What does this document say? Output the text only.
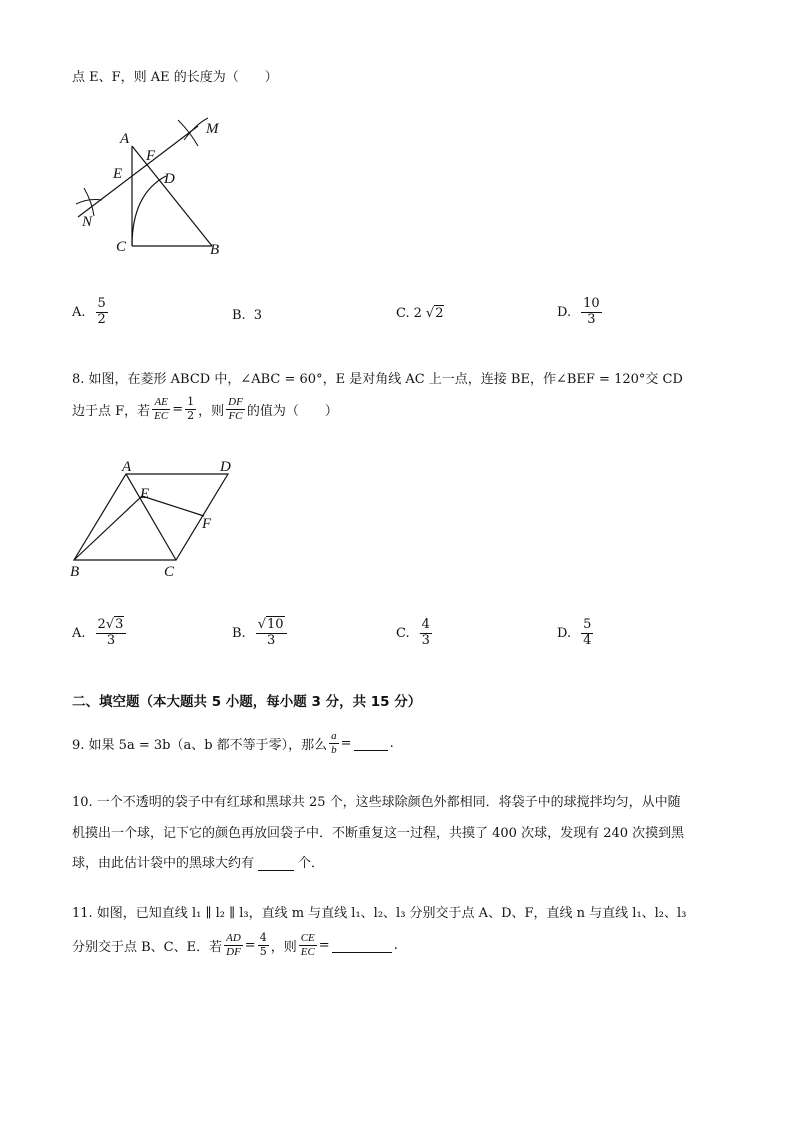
点 E、F，则 AE 的长度为（　　）
A
F
M
E	D
N
C	B
A. $\frac{5}{2}$	B. 3	C. 2 √2	D. $\frac{10}{3}$
8. 如图，在菱形 ABCD 中，∠ABC = 60°，E 是对角线 AC 上一点，连接 BE，作∠BEF = 120°交 CD
边于点 F，若 $\frac{AE}{EC} = \frac{1}{2}$ ，则 $\frac{DF}{FC}$ 的值为（　　）
A	D
E
F
B	C
A. $\frac{2√3}{3}$	B. $\frac{√10}{3}$	C. $\frac{4}{3}$	D. $\frac{5}{4}$
二、填空题（本大题共 5 小题，每小题 3 分，共 15 分）
9. 如果 5a = 3b（a、b 都不等于零），那么 $\frac{a}{b}$ =	.
10. 一个不透明的袋子中有红球和黑球共 25 个，这些球除颜色外都相同．将袋子中的球搅拌均匀，从中随
机摸出一个球，记下它的颜色再放回袋子中．不断重复这一过程，共摸了 400 次球，发现有 240 次摸到黑
球，由此估计袋中的黑球大约有	个．
11. 如图，已知直线 l₁ ∥ l₂ ∥ l₃，直线 m 与直线 l₁、l₂、l₃ 分别交于点 A、D、F，直线 n 与直线 l₁、l₂、l₃
分别交于点 B、C、E．若 $\frac{AD}{DF} = \frac{4}{5}$ ，则 $\frac{CE}{EC}$ =	.
